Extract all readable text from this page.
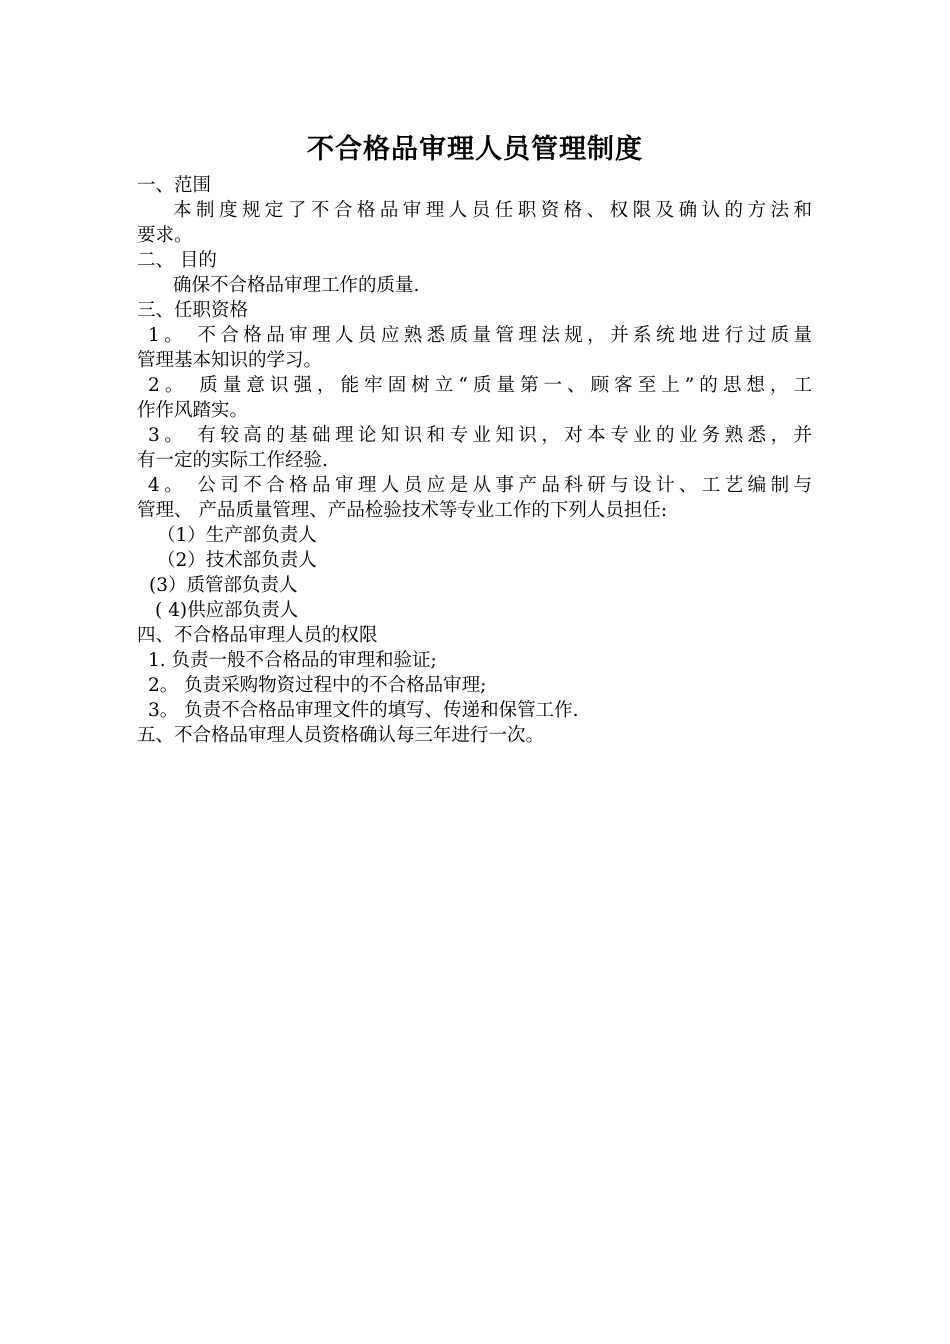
不合格品审理人员管理制度
一、范围
本制度规定了不合格品审理人员任职资格、权限及确认的方法和
要求。
二、 目的
确保不合格品审理工作的质量.
三、任职资格
1。 不合格品审理人员应熟悉质量管理法规，并系统地进行过质量
管理基本知识的学习。
2。 质量意识强，能牢固树立“质量第一、顾客至上”的思想，工
作作风踏实。
3。 有较高的基础理论知识和专业知识，对本专业的业务熟悉，并
有一定的实际工作经验.
4。 公司不合格品审理人员应是从事产品科研与设计、工艺编制与
管理、 产品质量管理、产品检验技术等专业工作的下列人员担任:
（1）生产部负责人
（2）技术部负责人
(3）质管部负责人
( 4)供应部负责人
四、不合格品审理人员的权限
1. 负责一般不合格品的审理和验证;
2。 负责采购物资过程中的不合格品审理;
3。 负责不合格品审理文件的填写、传递和保管工作.
五、不合格品审理人员资格确认每三年进行一次。
